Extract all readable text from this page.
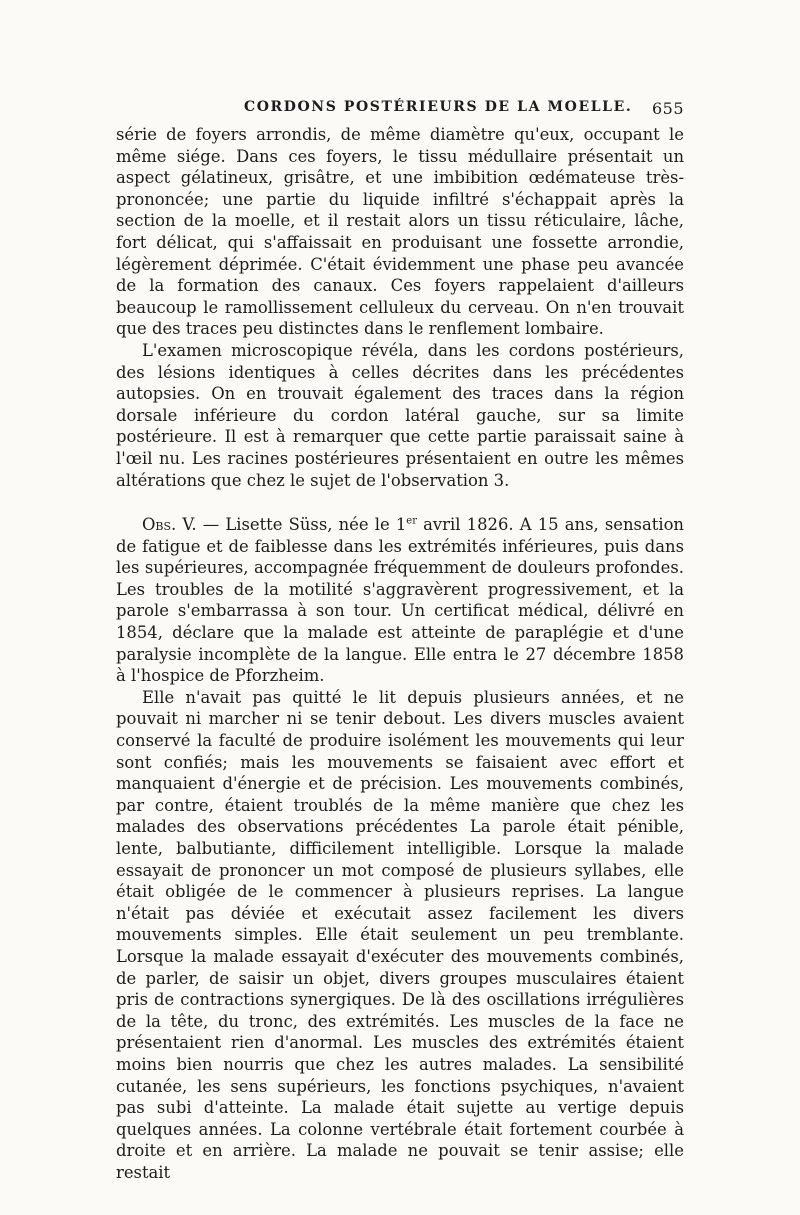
CORDONS POSTÉRIEURS DE LA MOELLE. 655

série de foyers arrondis, de même diamètre qu'eux, occupant le même siége. Dans ces foyers, le tissu médullaire présentait un aspect gélatineux, grisâtre, et une imbibition œdémateuse très-prononcée; une partie du liquide infiltré s'échappait après la section de la moelle, et il restait alors un tissu réticulaire, lâche, fort délicat, qui s'affaissait en produisant une fossette arrondie, légèrement déprimée. C'était évidemment une phase peu avancée de la formation des canaux. Ces foyers rappelaient d'ailleurs beaucoup le ramollissement celluleux du cerveau. On n'en trouvait que des traces peu distinctes dans le renflement lombaire.

L'examen microscopique révéla, dans les cordons postérieurs, des lésions identiques à celles décrites dans les précédentes autopsies. On en trouvait également des traces dans la région dorsale inférieure du cordon latéral gauche, sur sa limite postérieure. Il est à remarquer que cette partie paraissait saine à l'œil nu. Les racines postérieures présentaient en outre les mêmes altérations que chez le sujet de l'observation 3.

Obs. V. — Lisette Süss, née le 1er avril 1826. A 15 ans, sensation de fatigue et de faiblesse dans les extrémités inférieures, puis dans les supérieures, accompagnée fréquemment de douleurs profondes. Les troubles de la motilité s'aggravèrent progressivement, et la parole s'embarrassa à son tour. Un certificat médical, délivré en 1854, déclare que la malade est atteinte de paraplégie et d'une paralysie incomplète de la langue. Elle entra le 27 décembre 1858 à l'hospice de Pforzheim.

Elle n'avait pas quitté le lit depuis plusieurs années, et ne pouvait ni marcher ni se tenir debout. Les divers muscles avaient conservé la faculté de produire isolément les mouvements qui leur sont confiés; mais les mouvements se faisaient avec effort et manquaient d'énergie et de précision. Les mouvements combinés, par contre, étaient troublés de la même manière que chez les malades des observations précédentes La parole était pénible, lente, balbutiante, difficilement intelligible. Lorsque la malade essayait de prononcer un mot composé de plusieurs syllabes, elle était obligée de le commencer à plusieurs reprises. La langue n'était pas déviée et exécutait assez facilement les divers mouvements simples. Elle était seulement un peu tremblante. Lorsque la malade essayait d'exécuter des mouvements combinés, de parler, de saisir un objet, divers groupes musculaires étaient pris de contractions synergiques. De là des oscillations irrégulières de la tête, du tronc, des extrémités. Les muscles de la face ne présentaient rien d'anormal. Les muscles des extrémités étaient moins bien nourris que chez les autres malades. La sensibilité cutanée, les sens supérieurs, les fonctions psychiques, n'avaient pas subi d'atteinte. La malade était sujette au vertige depuis quelques années. La colonne vertébrale était fortement courbée à droite et en arrière. La malade ne pouvait se tenir assise; elle restait
